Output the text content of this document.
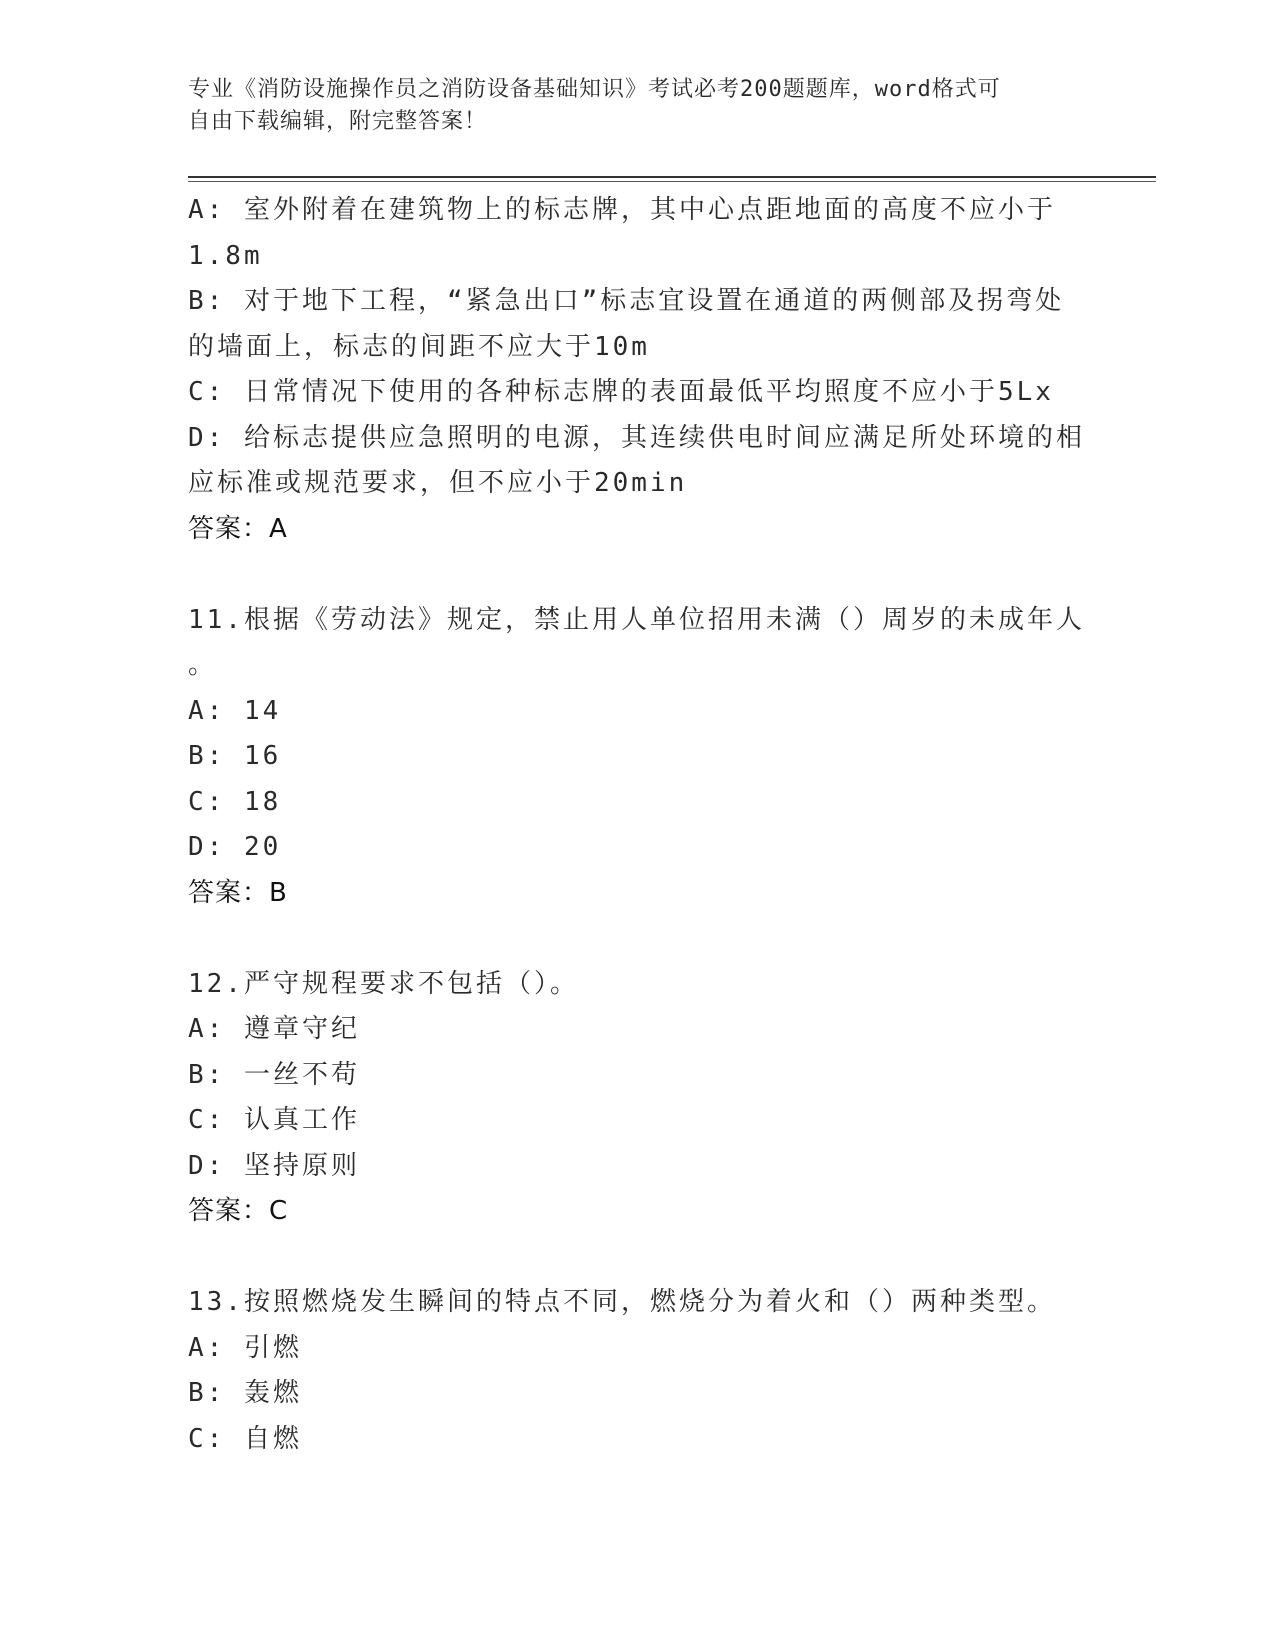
专业《消防设施操作员之消防设备基础知识》考试必考200题题库，word格式可
自由下载编辑，附完整答案！
A: 室外附着在建筑物上的标志牌，其中心点距地面的高度不应小于
1.8m
B: 对于地下工程，“紧急出口”标志宜设置在通道的两侧部及拐弯处
的墙面上，标志的间距不应大于10m
C: 日常情况下使用的各种标志牌的表面最低平均照度不应小于5Lx
D: 给标志提供应急照明的电源，其连续供电时间应满足所处环境的相
应标准或规范要求，但不应小于20min
答案：A
11.根据《劳动法》规定，禁止用人单位招用未满（）周岁的未成年人
。
A: 14
B: 16
C: 18
D: 20
答案：B
12.严守规程要求不包括（）。
A: 遵章守纪
B: 一丝不苟
C: 认真工作
D: 坚持原则
答案：C
13.按照燃烧发生瞬间的特点不同，燃烧分为着火和（）两种类型。
A: 引燃
B: 轰燃
C: 自燃
